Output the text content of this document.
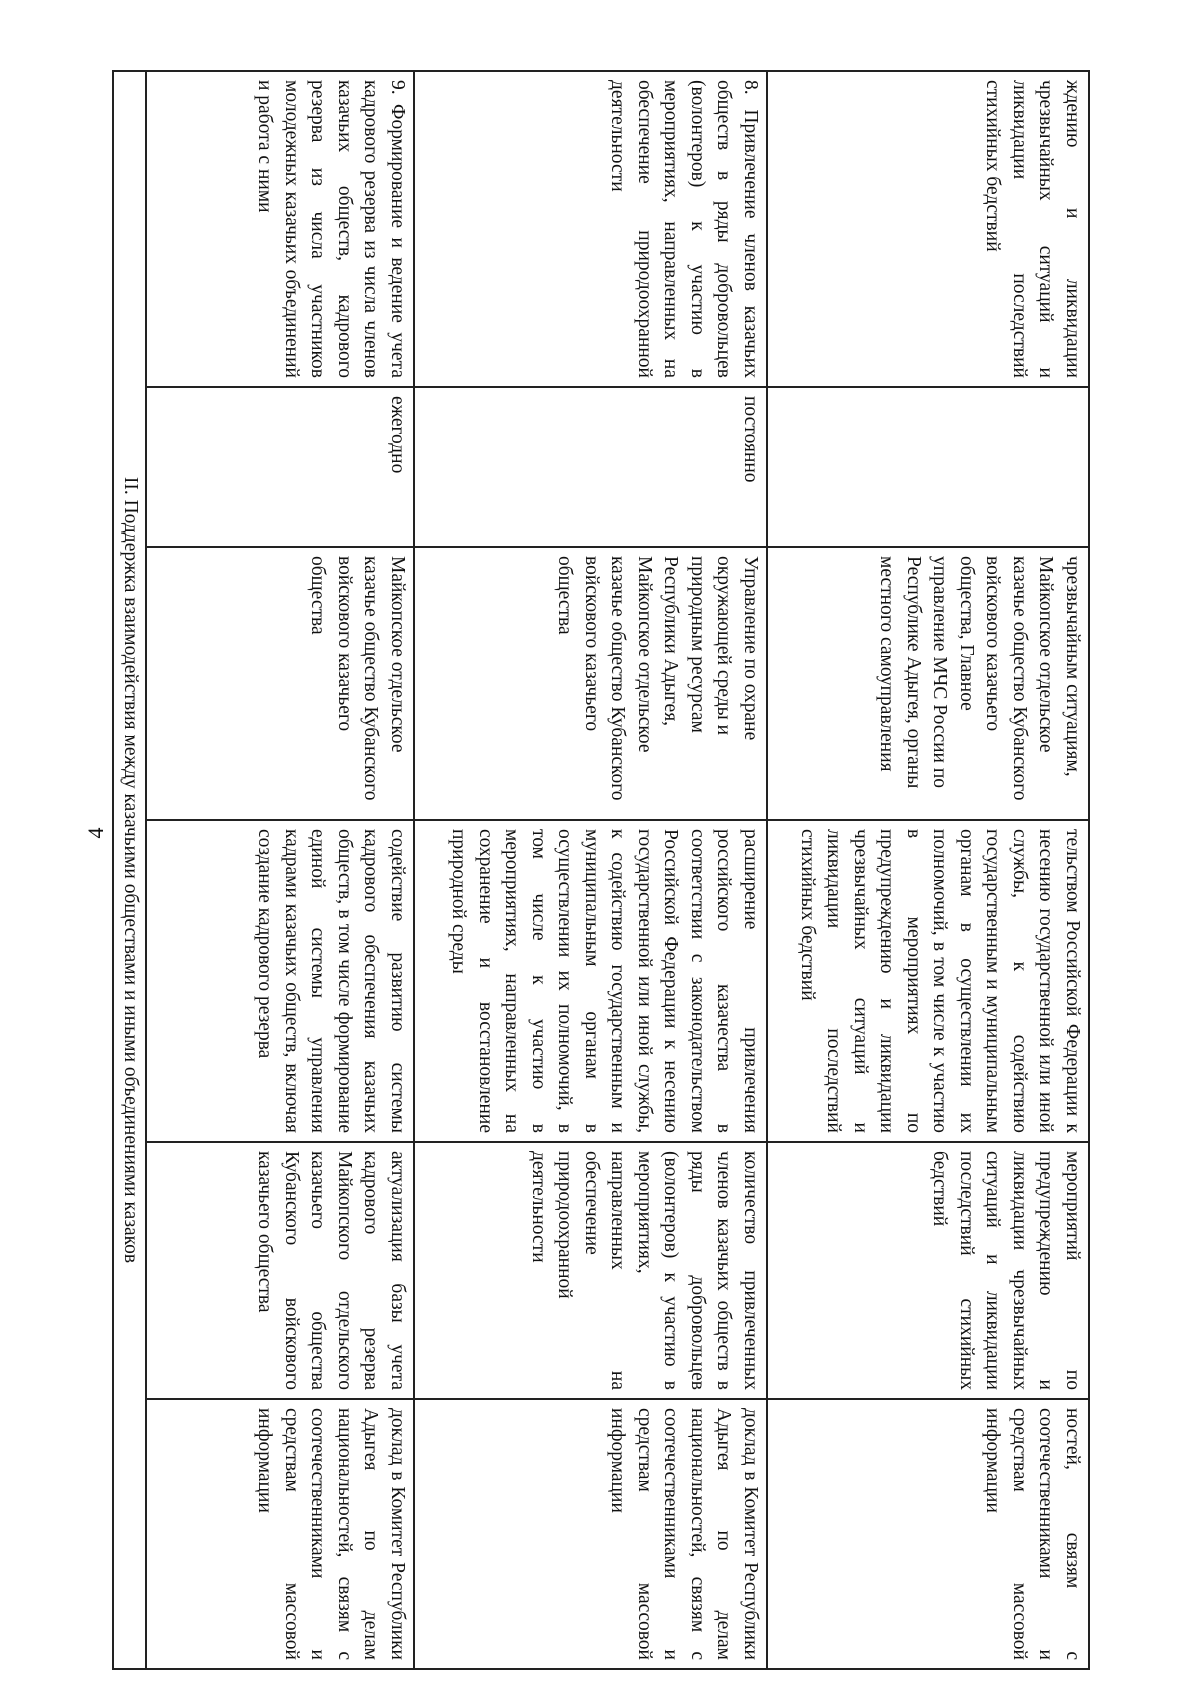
4
ждению и ликвидации чрезвычайных ситуаций и ликвидации последствий стихийных бедствий		чрезвычайным ситуациям, Майкопское отдельское казачье общество Кубанского войскового казачьего общества, Главное управление МЧС России по Республике Адыгея, органы местного самоуправления	тельством Российской Федерации к несению государственной или иной службы, к содействию государственным и муниципальным органам в осуществлении их полномочий, в том числе к участию в мероприятиях по предупреждению и ликвидации чрезвычайных ситуаций и ликвидации последствий стихийных бедствий	мероприятий по предупреждению и ликвидации чрезвычайных ситуаций и ликвидации последствий стихийных бедствий	ностей, связям с соотечественниками и средствам массовой информации
8. Привлечение членов казачьих обществ в ряды добровольцев (волонтеров) к участию в мероприятиях, направленных на обеспечение природоохранной деятельности	постоянно	Управление по охране окружающей среды и природным ресурсам Республики Адыгея, Майкопское отдельское казачье общество Кубанского войскового казачьего общества	расширение привлечения российского казачества в соответствии с законодательством Российской Федерации к несению государственной или иной службы, к содействию государственным и муниципальным органам в осуществлении их полномочий, в том числе к участию в мероприятиях, направленных на сохранение и восстановление природной среды	количество привлеченных членов казачьих обществ в ряды добровольцев (волонтеров) к участию в мероприятиях, направленных на обеспечение природоохранной деятельности	доклад в Комитет Республики Адыгея по делам национальностей, связям с соотечественниками и средствам массовой информации
9. Формирование и ведение учета кадрового резерва из числа членов казачьих обществ, кадрового резерва из числа участников молодежных казачьих объединений и работа с ними	ежегодно	Майкопское отдельское казачье общество Кубанского войскового казачьего общества	содействие развитию системы кадрового обеспечения казачьих обществ, в том числе формирование единой системы управления кадрами казачьих обществ, включая создание кадрового резерва	актуализация базы учета кадрового резерва Майкопского отдельского казачьего общества Кубанского войскового казачьего общества	доклад в Комитет Республики Адыгея по делам национальностей, связям с соотечественниками и средствам массовой информации
II. Поддержка взаимодействия между казачьими обществами и иными объединениями казаков					
